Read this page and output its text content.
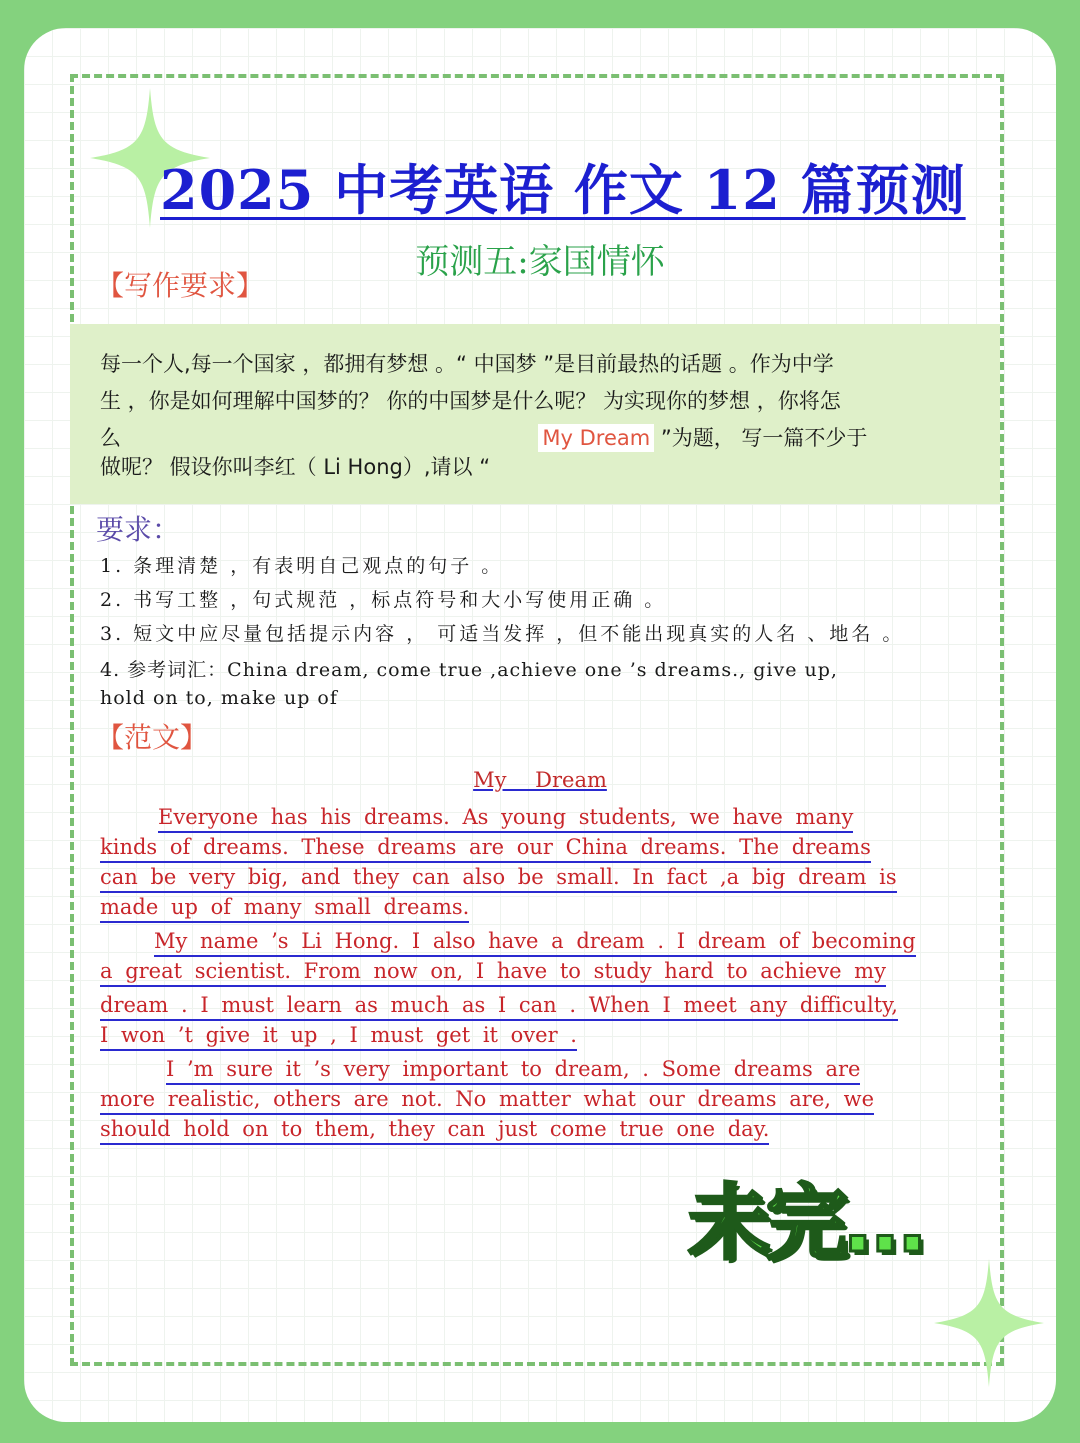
2025 中考英语 作文 12 篇预测
预测五:家国情怀
【写作要求】
每一个人,每一个国家 ，都拥有梦想 。“ 中国梦 ”是目前最热的话题 。作为中学
生 ，你是如何理解中国梦的？ 你的中国梦是什么呢？ 为实现你的梦想 ，你将怎
么	My Dream ”为题， 写一篇不少于
做呢？ 假设你叫李红（ Li Hong）,请以 “
要求：
1. 条理清楚 ，有表明自己观点的句子 。
2. 书写工整 ，句式规范 ，标点符号和大小写使用正确 。
3. 短文中应尽量包括提示内容 ， 可适当发挥 ，但不能出现真实的人名 、地名 。
4. 参考词汇：China dream, come true ,achieve one ’s dreams., give up,
hold on to, make up of
【范文】
My Dream
Everyone has his dreams. As young students, we have many
kinds of dreams. These dreams are our China dreams. The dreams
can be very big, and they can also be small. In fact ,a big dream is
made up of many small dreams.
My name ’s Li Hong. I also have a dream . I dream of becoming
a great scientist. From now on, I have to study hard to achieve my
dream . I must learn as much as I can . When I meet any difficulty,
I won ’t give it up , I must get it over .
I ’m sure it ’s very important to dream, . Some dreams are
more realistic, others are not. No matter what our dreams are, we
should hold on to them, they can just come true one day.
未完…
